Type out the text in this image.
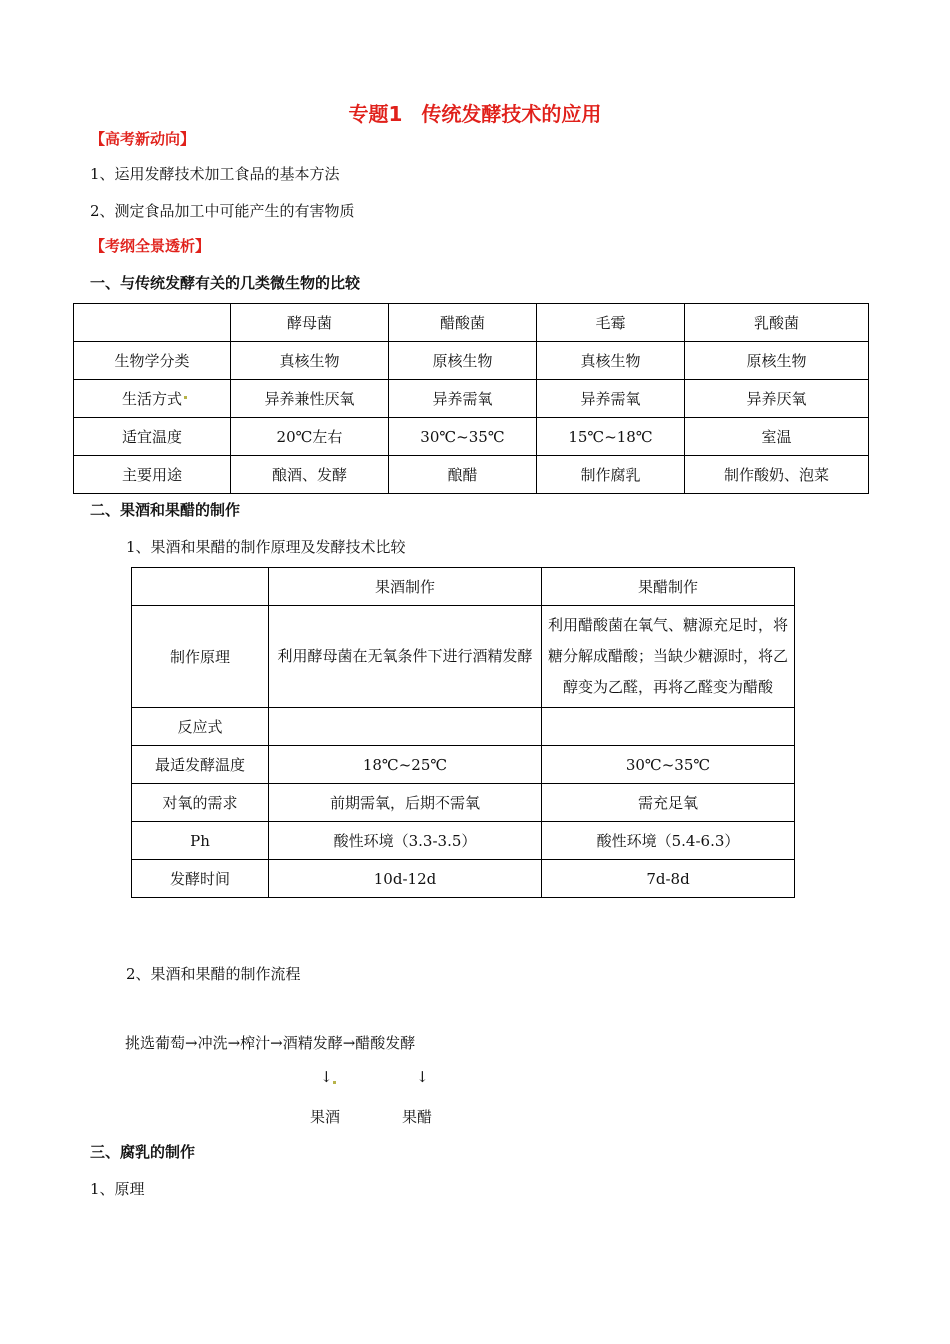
专题1 传统发酵技术的应用
【高考新动向】
1、运用发酵技术加工食品的基本方法
2、测定食品加工中可能产生的有害物质
【考纲全景透析】
一、与传统发酵有关的几类微生物的比较
	酵母菌	醋酸菌	毛霉	乳酸菌
生物学分类	真核生物	原核生物	真核生物	原核生物
生活方式	异养兼性厌氧	异养需氧	异养需氧	异养厌氧
适宜温度	20℃左右	30℃~35℃	15℃~18℃	室温
主要用途	酿酒、发酵	酿醋	制作腐乳	制作酸奶、泡菜
二、果酒和果醋的制作
1、果酒和果醋的制作原理及发酵技术比较
	果酒制作	果醋制作
制作原理	利用酵母菌在无氧条件下进行酒精发酵	利用醋酸菌在氧气、糖源充足时，将糖分解成醋酸；当缺少糖源时，将乙醇变为乙醛，再将乙醛变为醋酸
反应式		
最适发酵温度	18℃~25℃	30℃~35℃
对氧的需求	前期需氧，后期不需氧	需充足氧
Ph	酸性环境（3.3-3.5）	酸性环境（5.4-6.3）
发酵时间	10d-12d	7d-8d
2、果酒和果醋的制作流程
挑选葡萄→冲洗→榨汁→酒精发酵→醋酸发酵
↓	↓
果酒	果醋
三、腐乳的制作
1、原理
